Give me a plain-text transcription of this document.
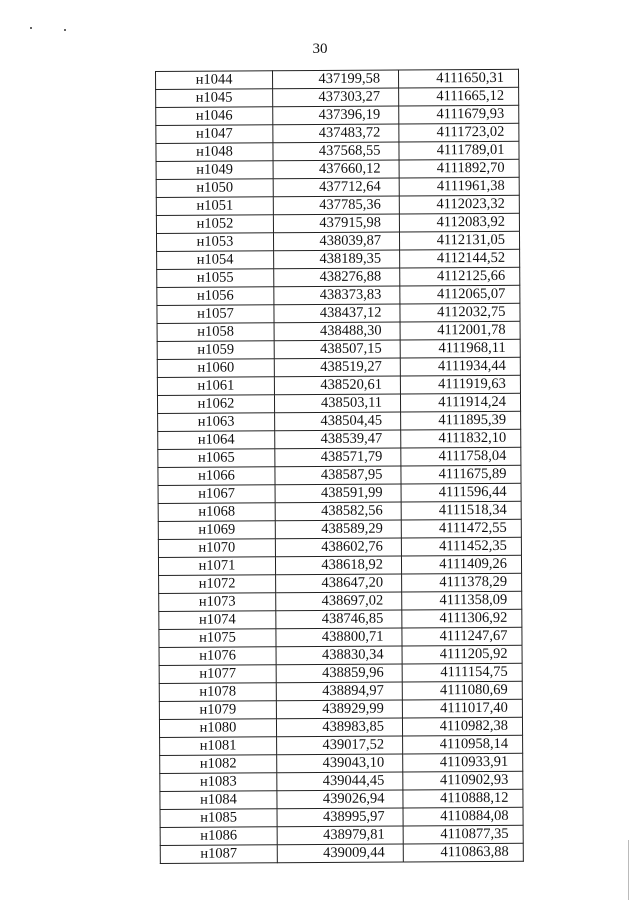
30
н1044	437199,58	4111650,31
н1045	437303,27	4111665,12
н1046	437396,19	4111679,93
н1047	437483,72	4111723,02
н1048	437568,55	4111789,01
н1049	437660,12	4111892,70
н1050	437712,64	4111961,38
н1051	437785,36	4112023,32
н1052	437915,98	4112083,92
н1053	438039,87	4112131,05
н1054	438189,35	4112144,52
н1055	438276,88	4112125,66
н1056	438373,83	4112065,07
н1057	438437,12	4112032,75
н1058	438488,30	4112001,78
н1059	438507,15	4111968,11
н1060	438519,27	4111934,44
н1061	438520,61	4111919,63
н1062	438503,11	4111914,24
н1063	438504,45	4111895,39
н1064	438539,47	4111832,10
н1065	438571,79	4111758,04
н1066	438587,95	4111675,89
н1067	438591,99	4111596,44
н1068	438582,56	4111518,34
н1069	438589,29	4111472,55
н1070	438602,76	4111452,35
н1071	438618,92	4111409,26
н1072	438647,20	4111378,29
н1073	438697,02	4111358,09
н1074	438746,85	4111306,92
н1075	438800,71	4111247,67
н1076	438830,34	4111205,92
н1077	438859,96	4111154,75
н1078	438894,97	4111080,69
н1079	438929,99	4111017,40
н1080	438983,85	4110982,38
н1081	439017,52	4110958,14
н1082	439043,10	4110933,91
н1083	439044,45	4110902,93
н1084	439026,94	4110888,12
н1085	438995,97	4110884,08
н1086	438979,81	4110877,35
н1087	439009,44	4110863,88
